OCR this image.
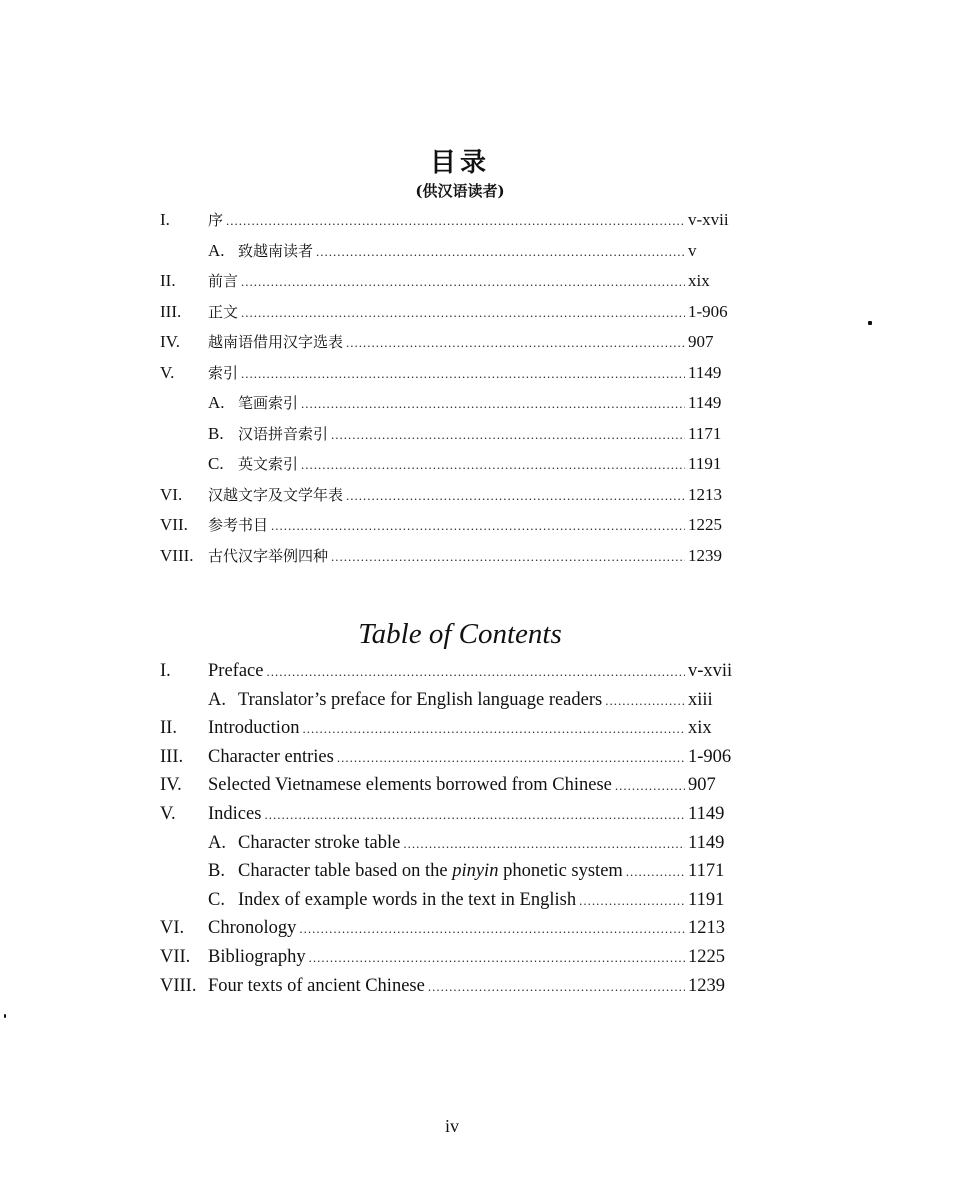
目录
(供汉语读者)
I.	序 .....	v-xvii
A. 致越南读者 .....	v
II.	前言 .....	xix
III.	正文 .....	1-906
IV.	越南语借用汉字选表 .....	907
V.	索引 .....	1149
A. 笔画索引 .....	1149
B. 汉语拼音索引 .....	1171
C. 英文索引 .....	1191
VI.	汉越文字及文学年表 .....	1213
VII.	参考书目 .....	1225
VIII. 古代汉字举例四种 .....	1239
Table of Contents
I.	Preface .....	v-xvii
A. Translator’s preface for English language readers .....	xiii
II.	Introduction .....	xix
III.	Character entries .....	1-906
IV.	Selected Vietnamese elements borrowed from Chinese .....	907
V.	Indices .....	1149
A. Character stroke table .....	1149
B. Character table based on the pinyin phonetic system .....	1171
C. Index of example words in the text in English .....	1191
VI.	Chronology .....	1213
VII. Bibliography .....	1225
VIII. Four texts of ancient Chinese .....	1239
iv
